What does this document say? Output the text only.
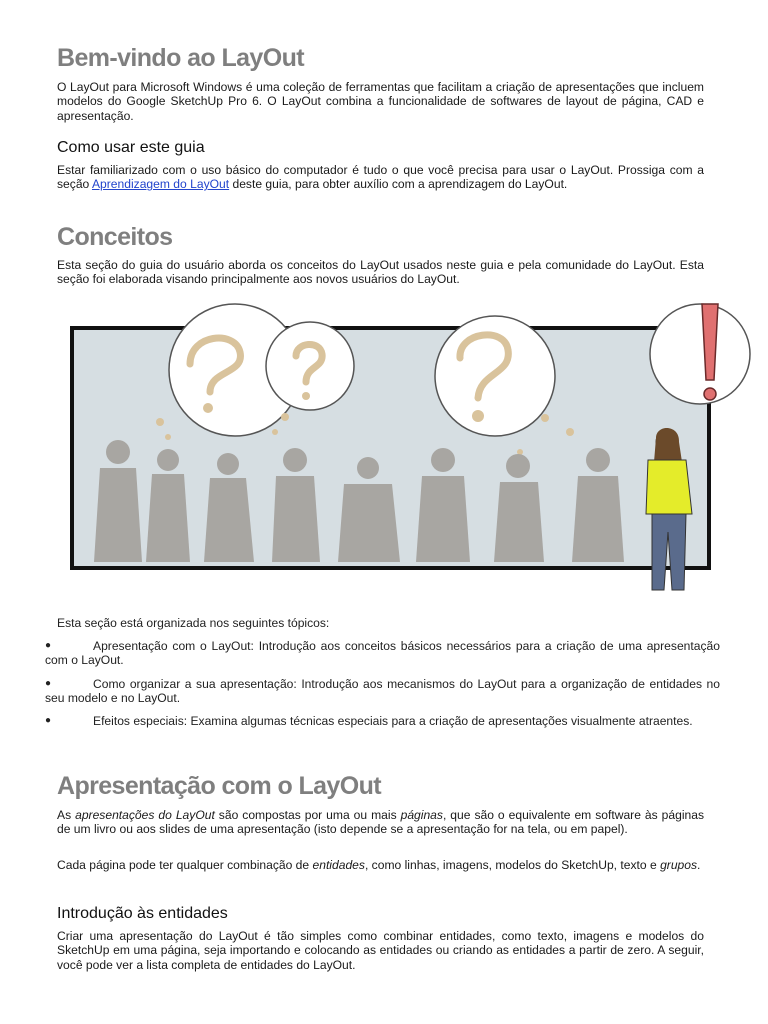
Bem-vindo ao LayOut

O LayOut para Microsoft Windows é uma coleção de ferramentas que facilitam a criação de apresentações que incluem modelos do Google SketchUp Pro 6. O LayOut combina a funcionalidade de softwares de layout de página, CAD e apresentação.

Como usar este guia

Estar familiarizado com o uso básico do computador é tudo o que você precisa para usar o LayOut. Prossiga com a seção Aprendizagem do LayOut deste guia, para obter auxílio com a aprendizagem do LayOut.

Conceitos

Esta seção do guia do usuário aborda os conceitos do LayOut usados neste guia e pela comunidade do LayOut. Esta seção foi elaborada visando principalmente aos novos usuários do LayOut.

Esta seção está organizada nos seguintes tópicos:

●	Apresentação com o LayOut: Introdução aos conceitos básicos necessários para a criação de uma apresentação com o LayOut.
●	Como organizar a sua apresentação: Introdução aos mecanismos do LayOut para a organização de entidades no seu modelo e no LayOut.
●	Efeitos especiais: Examina algumas técnicas especiais para a criação de apresentações visualmente atraentes.
Apresentação com o LayOut

As apresentações do LayOut são compostas por uma ou mais páginas, que são o equivalente em software às páginas de um livro ou aos slides de uma apresentação (isto depende se a apresentação for na tela, ou em papel).

Cada página pode ter qualquer combinação de entidades, como linhas, imagens, modelos do SketchUp, texto e grupos.

Introdução às entidades

Criar uma apresentação do LayOut é tão simples como combinar entidades, como texto, imagens e modelos do SketchUp em uma página, seja importando e colocando as entidades ou criando as entidades a partir de zero. A seguir, você pode ver a lista completa de entidades do LayOut.
